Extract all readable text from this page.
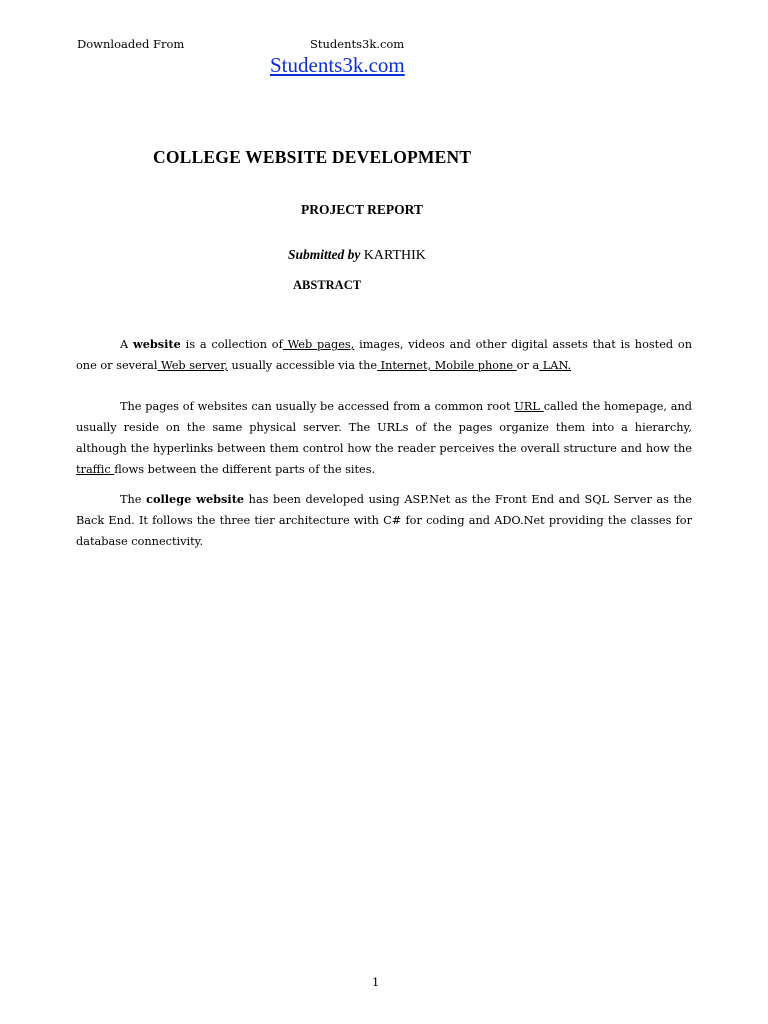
Downloaded From	Students3k.com
Students3k.com
COLLEGE WEBSITE DEVELOPMENT
PROJECT REPORT
Submitted by KARTHIK
ABSTRACT

A website is a collection of Web pages, images, videos and other digital assets that is hosted on one or several Web server, usually accessible via the Internet, Mobile phone or a LAN.

The pages of websites can usually be accessed from a common root URL called the homepage, and usually reside on the same physical server. The URLs of the pages organize them into a hierarchy, although the hyperlinks between them control how the reader perceives the overall structure and how the traffic flows between the different parts of the sites.

The college website has been developed using ASP.Net as the Front End and SQL Server as the Back End. It follows the three tier architecture with C# for coding and ADO.Net providing the classes for database connectivity.

1
